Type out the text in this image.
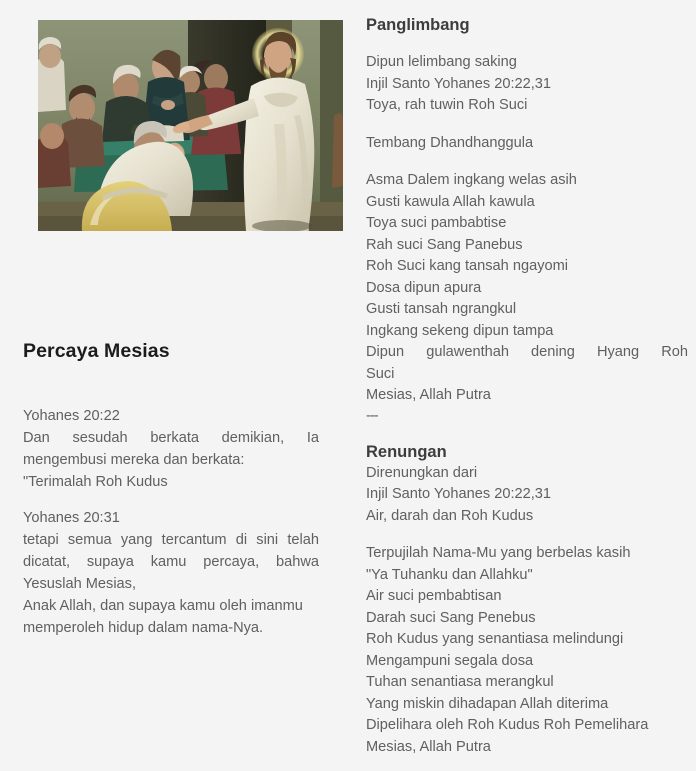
Percaya Mesias
Yohanes 20:22
Dan sesudah berkata demikian, Ia mengembusi mereka dan berkata:
"Terimalah Roh Kudus
Yohanes 20:31
tetapi semua yang tercantum di sini telah dicatat, supaya kamu percaya, bahwa Yesuslah Mesias,
Anak Allah, dan supaya kamu oleh imanmu
memperoleh hidup dalam nama-Nya.
Panglimbang
Dipun lelimbang saking
Injil Santo Yohanes 20:22,31
Toya, rah tuwin Roh Suci
Tembang Dhandhanggula
Asma Dalem ingkang welas asih
Gusti kawula Allah kawula
Toya suci pambabtise
Rah suci Sang Panebus
Roh Suci kang tansah ngayomi
Dosa dipun apura
Gusti tansah ngrangkul
Ingkang sekeng dipun tampa
Dipun gulawenthah dening Hyang Roh
Suci
Mesias, Allah Putra
---
Renungan
Direnungkan dari
Injil Santo Yohanes 20:22,31
Air, darah dan Roh Kudus
Terpujilah Nama-Mu yang berbelas kasih
"Ya Tuhanku dan Allahku"
Air suci pembabtisan
Darah suci Sang Penebus
Roh Kudus yang senantiasa melindungi
Mengampuni segala dosa
Tuhan senantiasa merangkul
Yang miskin dihadapan Allah diterima
Dipelihara oleh Roh Kudus Roh Pemelihara
Mesias, Allah Putra
